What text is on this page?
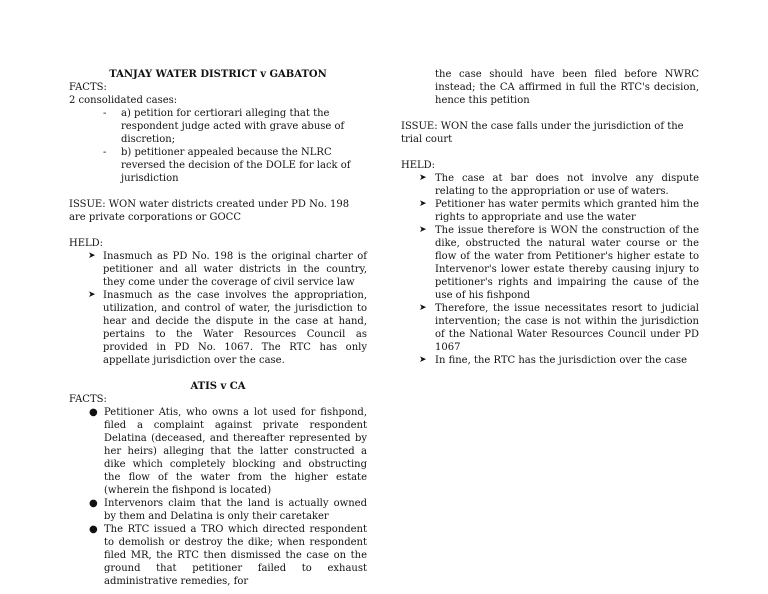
TANJAY WATER DISTRICT v GABATON

FACTS:

2 consolidated cases:

- a) petition for certiorari alleging that the respondent judge acted with grave abuse of discretion;
- b) petitioner appealed because the NLRC reversed the decision of the DOLE for lack of jurisdiction

ISSUE: WON water districts created under PD No. 198 are private corporations or GOCC

HELD:

➤ Inasmuch as PD No. 198 is the original charter of petitioner and all water districts in the country, they come under the coverage of civil service law
➤ Inasmuch as the case involves the appropriation, utilization, and control of water, the jurisdiction to hear and decide the dispute in the case at hand, pertains to the Water Resources Council as provided in PD No. 1067. The RTC has only appellate jurisdiction over the case.

ATIS v CA

FACTS:

● Petitioner Atis, who owns a lot used for fishpond, filed a complaint against private respondent Delatina (deceased, and thereafter represented by her heirs) alleging that the latter constructed a dike which completely blocking and obstructing the flow of the water from the higher estate (wherein the fishpond is located)
● Intervenors claim that the land is actually owned by them and Delatina is only their caretaker
● The RTC issued a TRO which directed respondent to demolish or destroy the dike; when respondent filed MR, the RTC then dismissed the case on the ground that petitioner failed to exhaust administrative remedies, for

the case should have been filed before NWRC instead; the CA affirmed in full the RTC's decision, hence this petition

ISSUE: WON the case falls under the jurisdiction of the trial court

HELD:

➤ The case at bar does not involve any dispute relating to the appropriation or use of waters.
➤ Petitioner has water permits which granted him the rights to appropriate and use the water
➤ The issue therefore is WON the construction of the dike, obstructed the natural water course or the flow of the water from Petitioner's higher estate to Intervenor's lower estate thereby causing injury to petitioner's rights and impairing the cause of the use of his fishpond
➤ Therefore, the issue necessitates resort to judicial intervention; the case is not within the jurisdiction of the National Water Resources Council under PD 1067
➤ In fine, the RTC has the jurisdiction over the case
